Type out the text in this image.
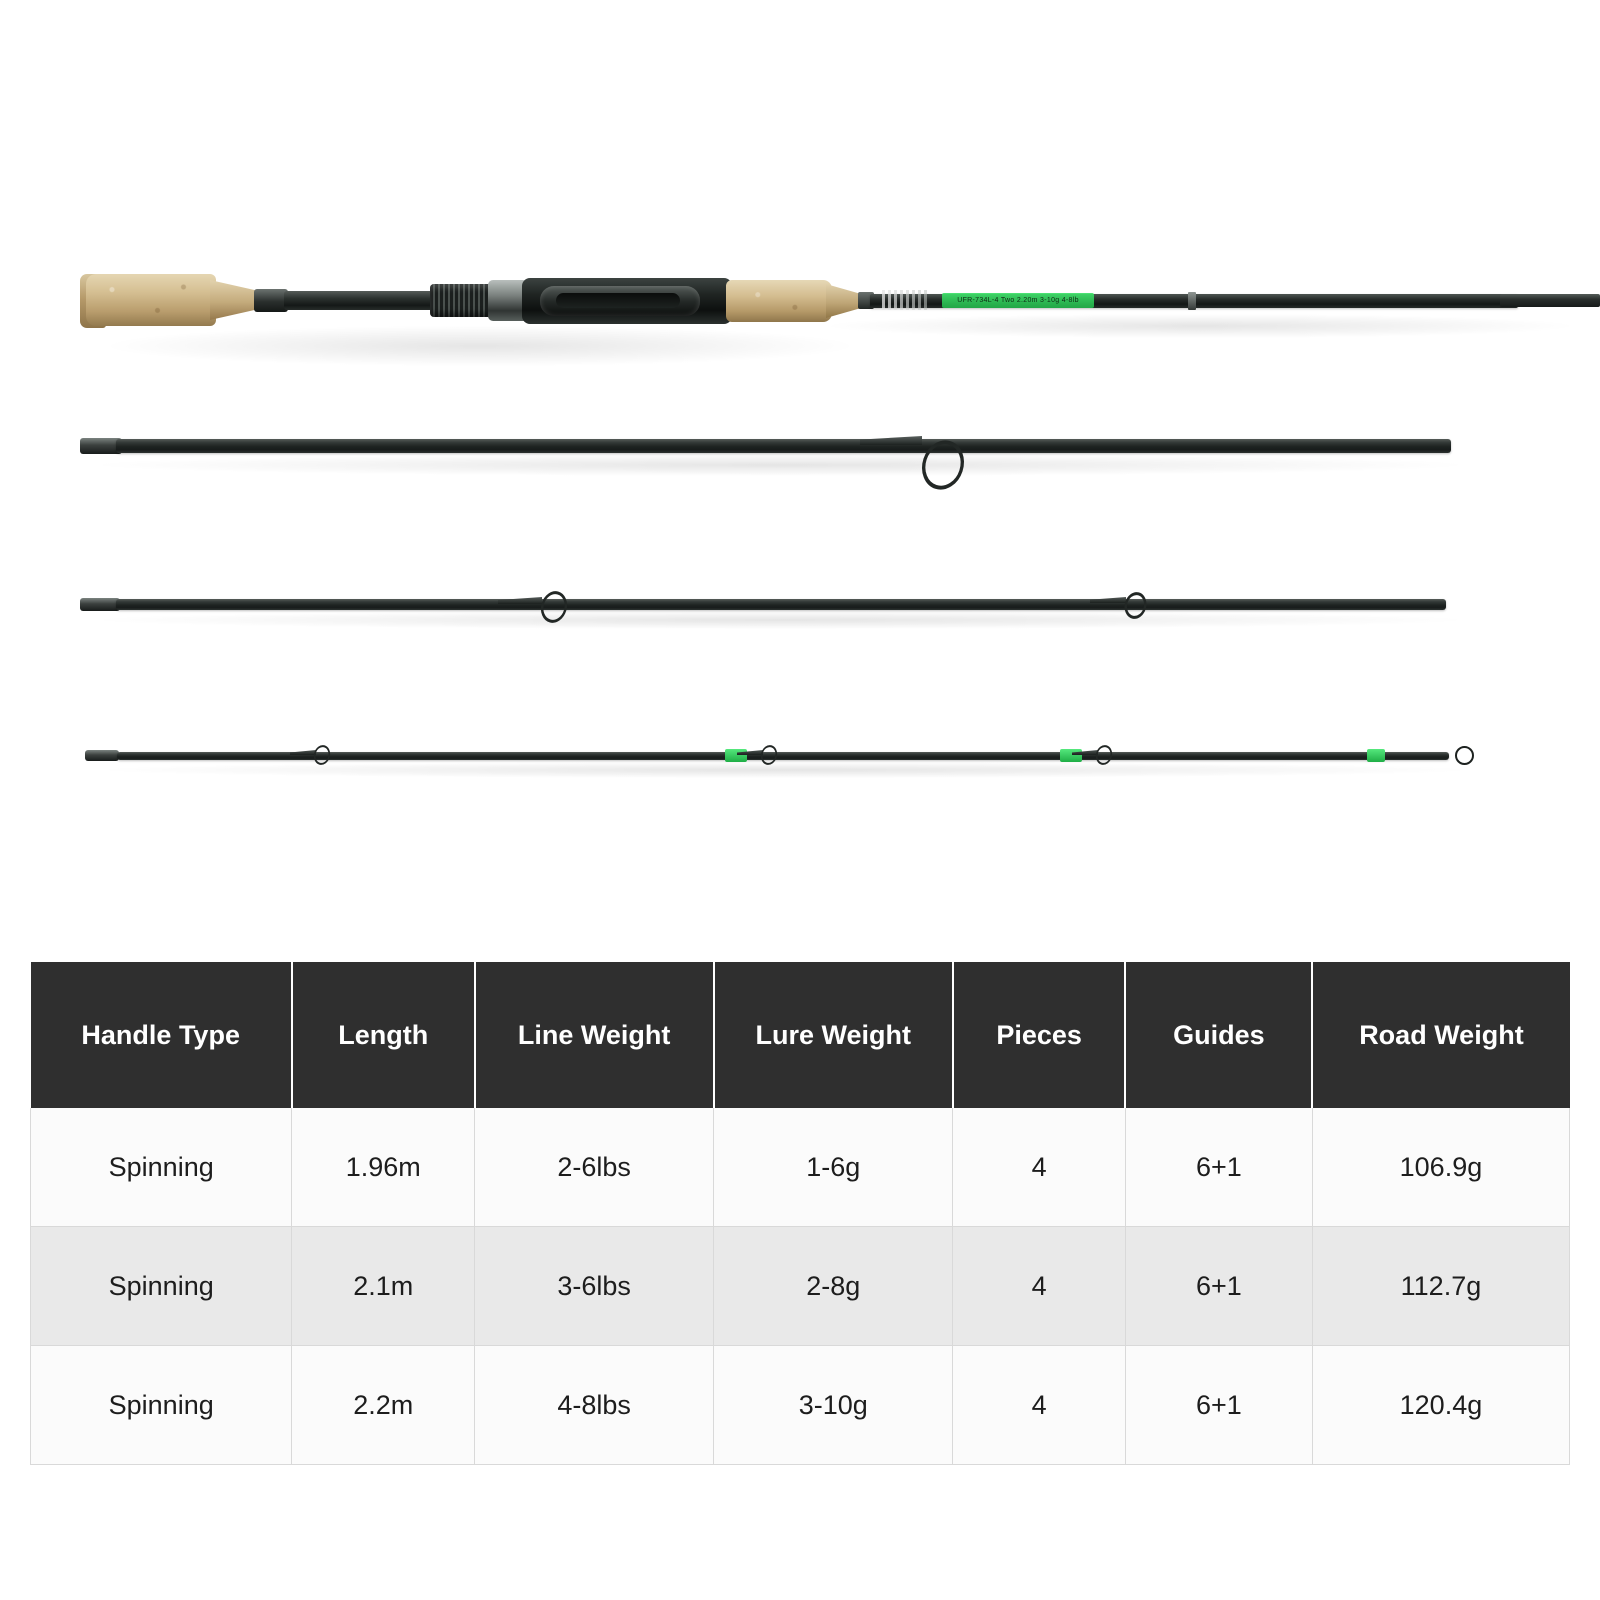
UFR-734L-4 Two 2.20m 3-10g 4-8lb
Handle Type	Length	Line Weight	Lure Weight	Pieces	Guides	Road Weight
Spinning	1.96m	2-6lbs	1-6g	4	6+1	106.9g
Spinning	2.1m	3-6lbs	2-8g	4	6+1	112.7g
Spinning	2.2m	4-8lbs	3-10g	4	6+1	120.4g
